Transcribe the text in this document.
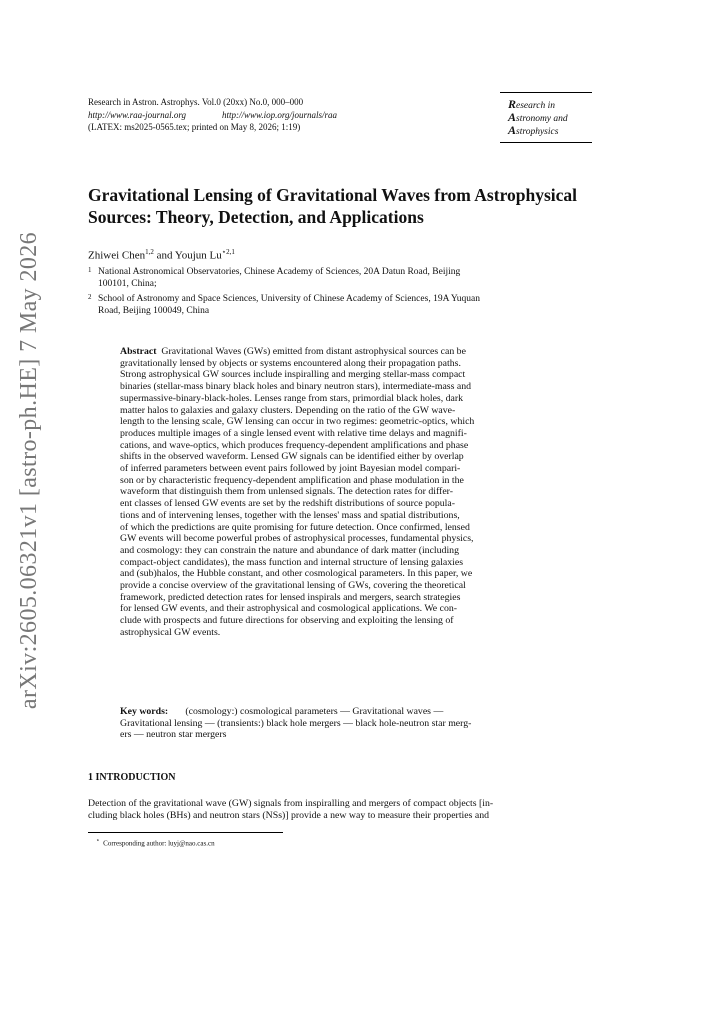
arXiv:2605.06321v1 [astro-ph.HE] 7 May 2026
Research in Astron. Astrophys. Vol.0 (20xx) No.0, 000–000
http://www.raa-journal.org	http://www.iop.org/journals/raa
(LATEX: ms2025-0565.tex; printed on May 8, 2026; 1:19)
Research in
Astronomy and
Astrophysics
Gravitational Lensing of Gravitational Waves from Astrophysical
Sources: Theory, Detection, and Applications
Zhiwei Chen$^{1,2}$ and Youjun $Lu^{⋆2,1}$
1 National Astronomical Observatories, Chinese Academy of Sciences, 20A Datun Road, Beijing
100101, China;
2 School of Astronomy and Space Sciences, University of Chinese Academy of Sciences, 19A Yuquan
Road, Beijing 100049, China
Abstract Gravitational Waves (GWs) emitted from distant astrophysical sources can be
gravitationally lensed by objects or systems encountered along their propagation paths.
Strong astrophysical GW sources include inspiralling and merging stellar-mass compact
binaries (stellar-mass binary black holes and binary neutron stars), intermediate-mass and
supermassive-binary-black-holes. Lenses range from stars, primordial black holes, dark
matter halos to galaxies and galaxy clusters. Depending on the ratio of the GW wave-
length to the lensing scale, GW lensing can occur in two regimes: geometric-optics, which
produces multiple images of a single lensed event with relative time delays and magnifi-
cations, and wave-optics, which produces frequency-dependent amplifications and phase
shifts in the observed waveform. Lensed GW signals can be identified either by overlap
of inferred parameters between event pairs followed by joint Bayesian model compari-
son or by characteristic frequency-dependent amplification and phase modulation in the
waveform that distinguish them from unlensed signals. The detection rates for differ-
ent classes of lensed GW events are set by the redshift distributions of source popula-
tions and of intervening lenses, together with the lenses' mass and spatial distributions,
of which the predictions are quite promising for future detection. Once confirmed, lensed
GW events will become powerful probes of astrophysical processes, fundamental physics,
and cosmology: they can constrain the nature and abundance of dark matter (including
compact-object candidates), the mass function and internal structure of lensing galaxies
and (sub)halos, the Hubble constant, and other cosmological parameters. In this paper, we
provide a concise overview of the gravitational lensing of GWs, covering the theoretical
framework, predicted detection rates for lensed inspirals and mergers, search strategies
for lensed GW events, and their astrophysical and cosmological applications. We con-
clude with prospects and future directions for observing and exploiting the lensing of
astrophysical GW events.
Key words: (cosmology:) cosmological parameters — Gravitational waves —
Gravitational lensing — (transients:) black hole mergers — black hole-neutron star merg-
ers — neutron star mergers
1 INTRODUCTION
Detection of the gravitational wave (GW) signals from inspiralling and mergers of compact objects [in-
cluding black holes (BHs) and neutron stars (NSs)] provide a new way to measure their properties and
⋆ Corresponding author: luyj@nao.cas.cn
